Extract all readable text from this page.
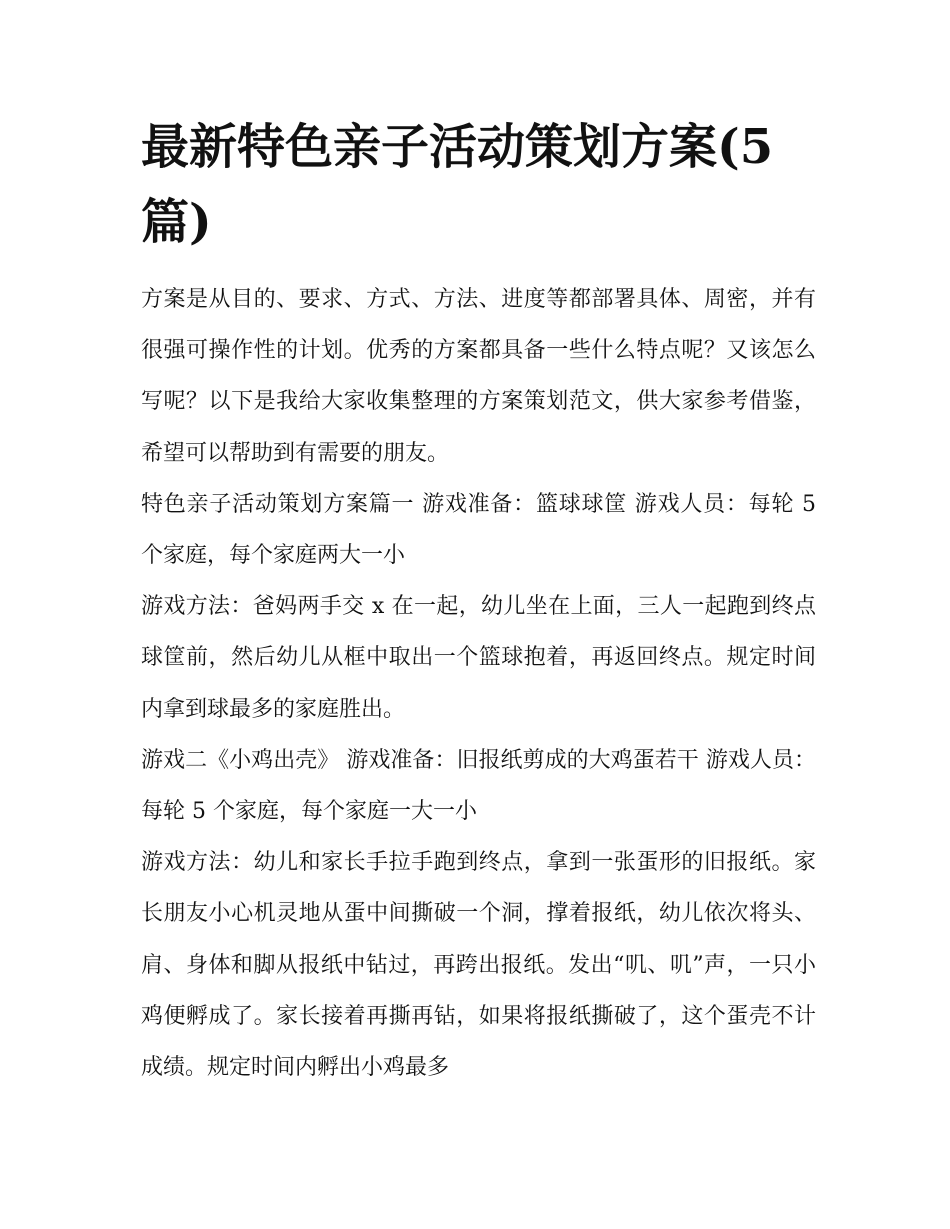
最新特色亲子活动策划方案(5篇)

方案是从目的、要求、方式、方法、进度等都部署具体、周密，并有很强可操作性的计划。优秀的方案都具备一些什么特点呢？又该怎么写呢？以下是我给大家收集整理的方案策划范文，供大家参考借鉴，希望可以帮助到有需要的朋友。

特色亲子活动策划方案篇一 游戏准备：篮球球筐 游戏人员：每轮 5 个家庭，每个家庭两大一小

游戏方法：爸妈两手交 x 在一起，幼儿坐在上面，三人一起跑到终点球筐前，然后幼儿从框中取出一个篮球抱着，再返回终点。规定时间内拿到球最多的家庭胜出。

游戏二《小鸡出壳》 游戏准备：旧报纸剪成的大鸡蛋若干 游戏人员：每轮 5 个家庭，每个家庭一大一小

游戏方法：幼儿和家长手拉手跑到终点，拿到一张蛋形的旧报纸。家长朋友小心机灵地从蛋中间撕破一个洞，撑着报纸，幼儿依次将头、肩、身体和脚从报纸中钻过，再跨出报纸。发出“叽、叽”声，一只小鸡便孵成了。家长接着再撕再钻，如果将报纸撕破了，这个蛋壳不计成绩。规定时间内孵出小鸡最多
